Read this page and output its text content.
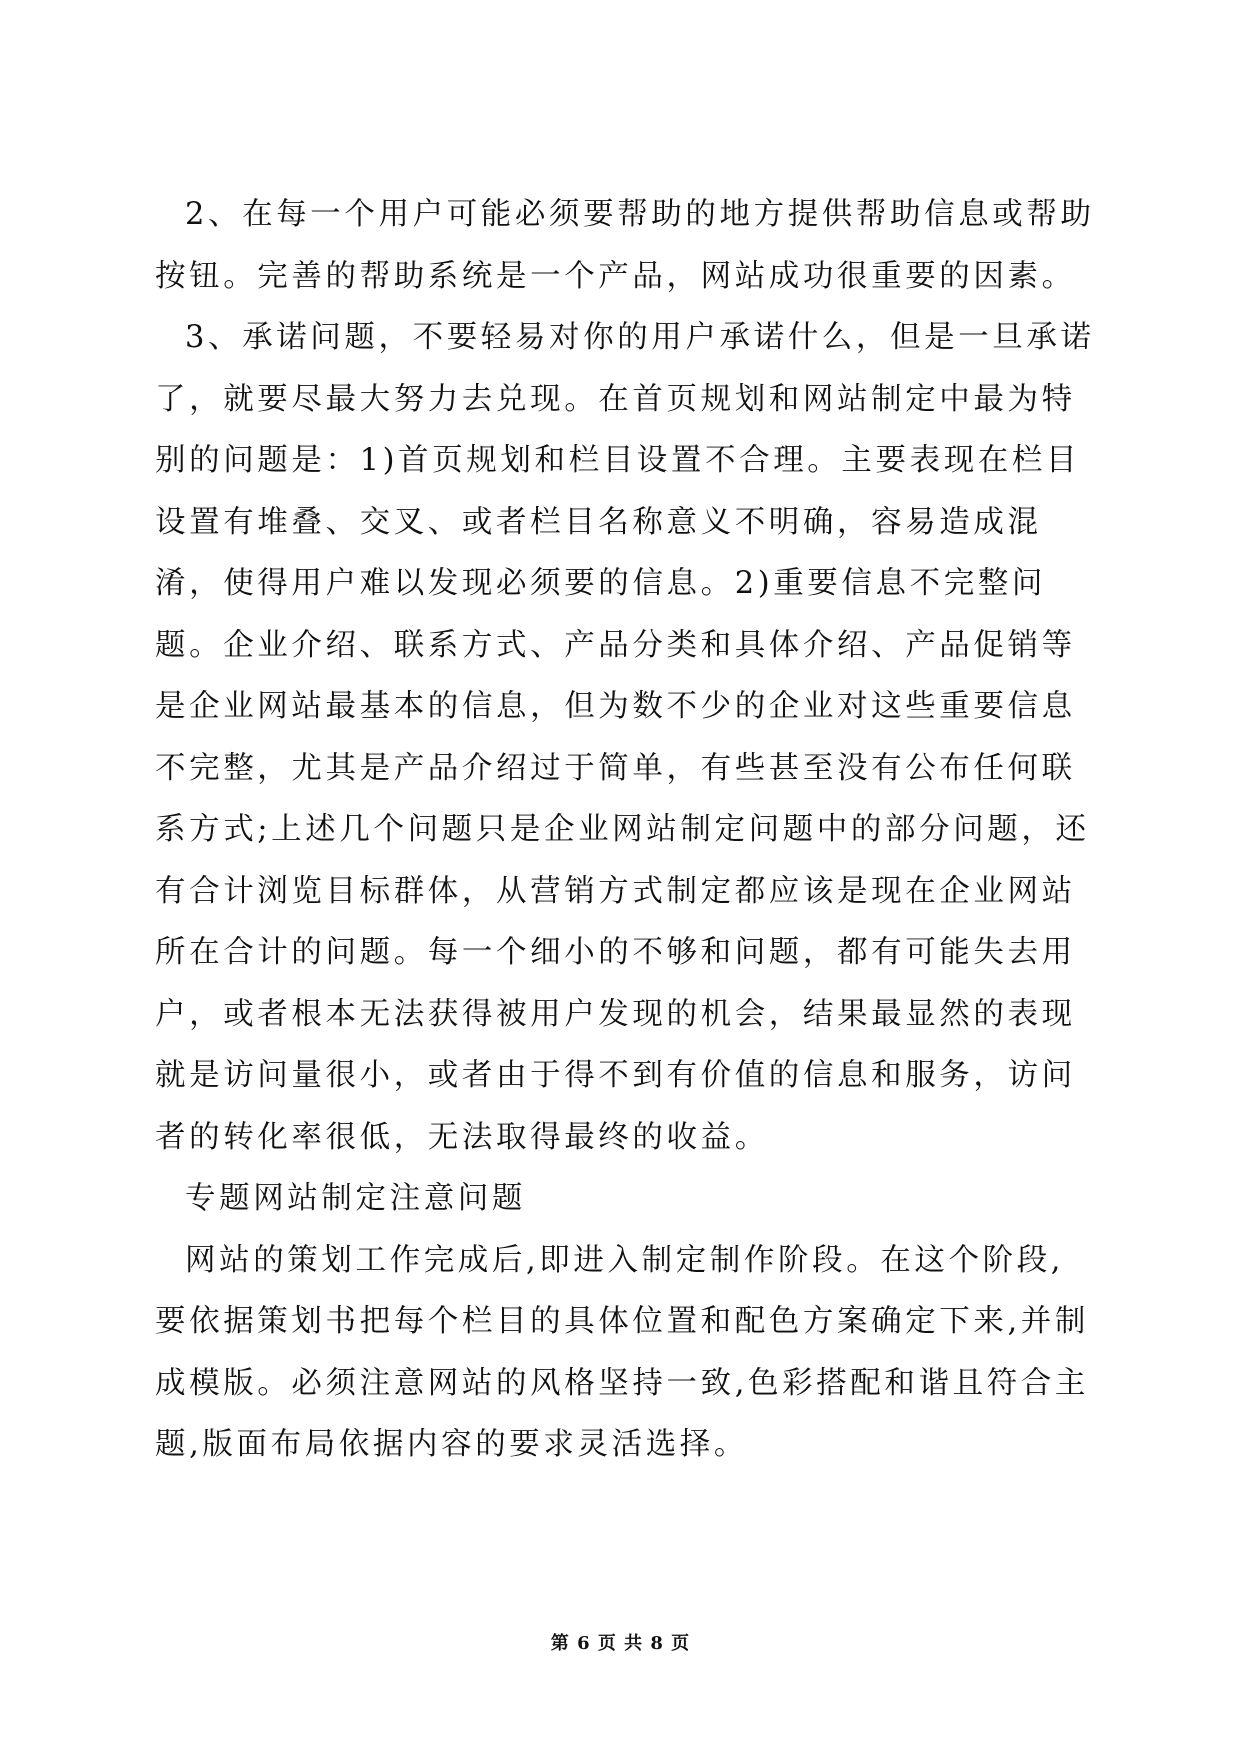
2、在每一个用户可能必须要帮助的地方提供帮助信息或帮助按钮。完善的帮助系统是一个产品，网站成功很重要的因素。

3、承诺问题，不要轻易对你的用户承诺什么，但是一旦承诺了，就要尽最大努力去兑现。在首页规划和网站制定中最为特别的问题是：1)首页规划和栏目设置不合理。主要表现在栏目设置有堆叠、交叉、或者栏目名称意义不明确，容易造成混淆，使得用户难以发现必须要的信息。2)重要信息不完整问题。企业介绍、联系方式、产品分类和具体介绍、产品促销等是企业网站最基本的信息，但为数不少的企业对这些重要信息不完整，尤其是产品介绍过于简单，有些甚至没有公布任何联系方式;上述几个问题只是企业网站制定问题中的部分问题，还有合计浏览目标群体，从营销方式制定都应该是现在企业网站所在合计的问题。每一个细小的不够和问题，都有可能失去用户，或者根本无法获得被用户发现的机会，结果最显然的表现就是访问量很小，或者由于得不到有价值的信息和服务，访问者的转化率很低，无法取得最终的收益。

专题网站制定注意问题

网站的策划工作完成后,即进入制定制作阶段。在这个阶段,要依据策划书把每个栏目的具体位置和配色方案确定下来,并制成模版。必须注意网站的风格坚持一致,色彩搭配和谐且符合主题,版面布局依据内容的要求灵活选择。

第 6 页 共 8 页
